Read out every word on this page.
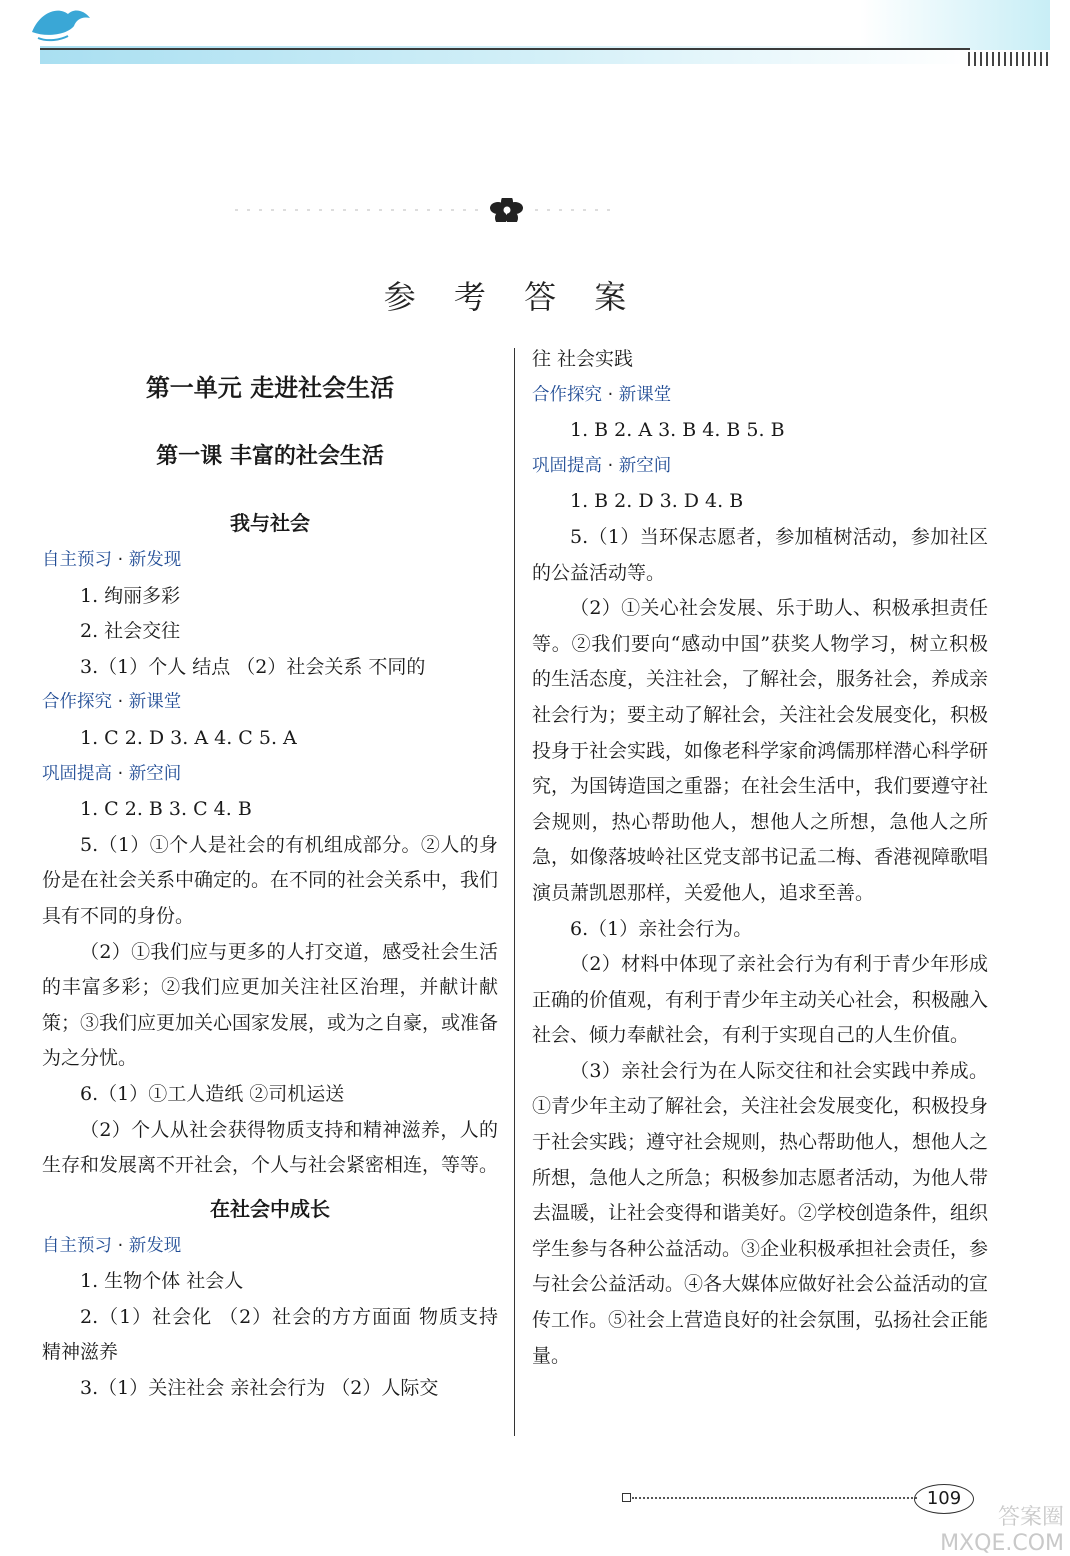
参 考 答 案
第一单元 走进社会生活
第一课 丰富的社会生活
我与社会
自主预习 · 新发现
1. 绚丽多彩
2. 社会交往
3.（1）个人 结点 （2）社会关系 不同的
合作探究 · 新课堂
1. C 2. D 3. A 4. C 5. A
巩固提高 · 新空间
1. C 2. B 3. C 4. B
5.（1）①个人是社会的有机组成部分。②人的身份是在社会关系中确定的。在不同的社会关系中，我们具有不同的身份。
（2）①我们应与更多的人打交道，感受社会生活的丰富多彩；②我们应更加关注社区治理，并献计献策；③我们应更加关心国家发展，或为之自豪，或准备为之分忧。
6.（1）①工人造纸 ②司机运送
（2）个人从社会获得物质支持和精神滋养，人的生存和发展离不开社会，个人与社会紧密相连，等等。
在社会中成长
自主预习 · 新发现
1. 生物个体 社会人
2.（1）社会化 （2）社会的方方面面 物质支持 精神滋养
3.（1）关注社会 亲社会行为 （2）人际交
往 社会实践
合作探究 · 新课堂
1. B 2. A 3. B 4. B 5. B
巩固提高 · 新空间
1. B 2. D 3. D 4. B
5.（1）当环保志愿者，参加植树活动，参加社区的公益活动等。
（2）①关心社会发展、乐于助人、积极承担责任等。②我们要向“感动中国”获奖人物学习，树立积极的生活态度，关注社会，了解社会，服务社会，养成亲社会行为；要主动了解社会，关注社会发展变化，积极投身于社会实践，如像老科学家俞鸿儒那样潜心科学研究，为国铸造国之重器；在社会生活中，我们要遵守社会规则，热心帮助他人，想他人之所想，急他人之所急，如像落坡岭社区党支部书记孟二梅、香港视障歌唱演员萧凯恩那样，关爱他人，追求至善。
6.（1）亲社会行为。
（2）材料中体现了亲社会行为有利于青少年形成正确的价值观，有利于青少年主动关心社会，积极融入社会、倾力奉献社会，有利于实现自己的人生价值。
（3）亲社会行为在人际交往和社会实践中养成。①青少年主动了解社会，关注社会发展变化，积极投身于社会实践；遵守社会规则，热心帮助他人，想他人之所想，急他人之所急；积极参加志愿者活动，为他人带去温暖，让社会变得和谐美好。②学校创造条件，组织学生参与各种公益活动。③企业积极承担社会责任，参与社会公益活动。④各大媒体应做好社会公益活动的宣传工作。⑤社会上营造良好的社会氛围，弘扬社会正能量。
109
答案圈 MXQE.COM
